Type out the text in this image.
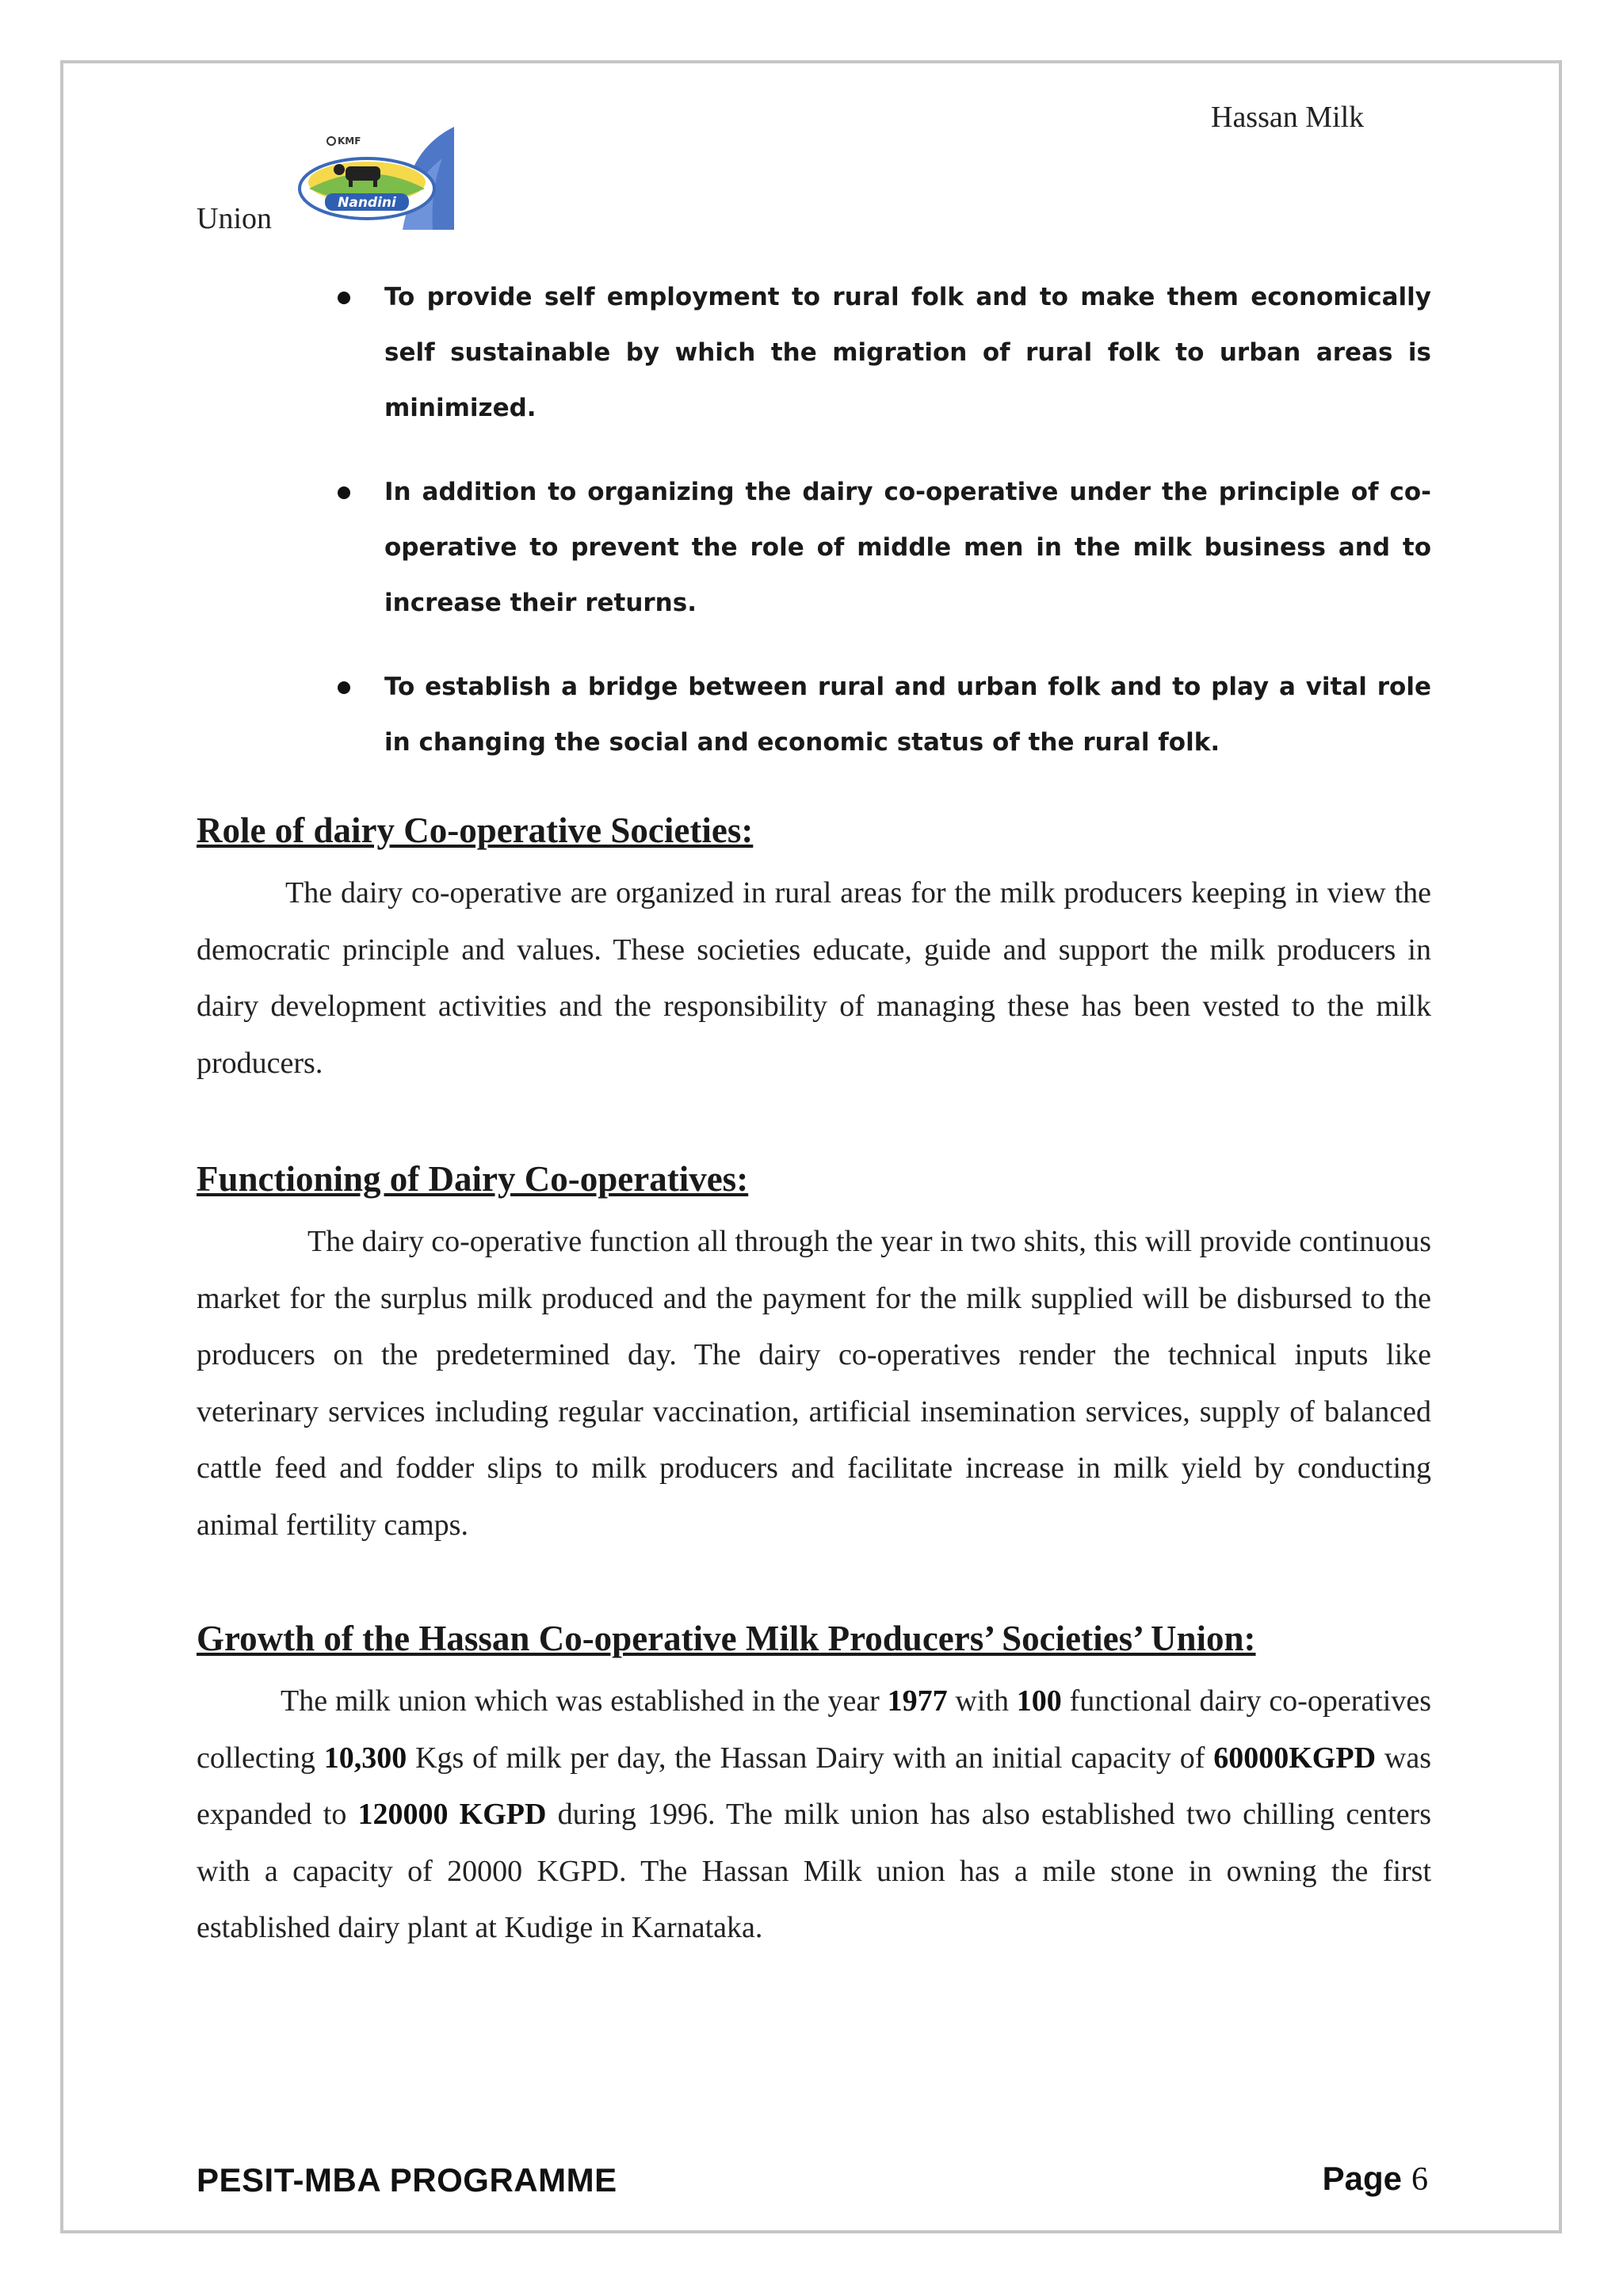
Hassan Milk
Union	Nandini
KMF
To provide self employment to rural folk and to make them economically self sustainable by which the migration of rural folk to urban areas is minimized.
In addition to organizing the dairy co-operative under the principle of co-operative to prevent the role of middle men in the milk business and to increase their returns.
To establish a bridge between rural and urban folk and to play a vital role in changing the social and economic status of the rural folk.
Role of dairy Co-operative Societies:

The dairy co-operative are organized in rural areas for the milk producers keeping in view the democratic principle and values. These societies educate, guide and support the milk producers in dairy development activities and the responsibility of managing these has been vested to the milk producers.

Functioning of Dairy Co-operatives:

The dairy co-operative function all through the year in two shits, this will provide continuous market for the surplus milk produced and the payment for the milk supplied will be disbursed to the producers on the predetermined day. The dairy co-operatives render the technical inputs like veterinary services including regular vaccination, artificial insemination services, supply of balanced cattle feed and fodder slips to milk producers and facilitate increase in milk yield by conducting animal fertility camps.

Growth of the Hassan Co-operative Milk Producers’ Societies’ Union:

The milk union which was established in the year 1977 with 100 functional dairy co-operatives collecting 10,300 Kgs of milk per day, the Hassan Dairy with an initial capacity of 60000KGPD was expanded to 120000 KGPD during 1996. The milk union has also established two chilling centers with a capacity of 20000 KGPD. The Hassan Milk union has a mile stone in owning the first established dairy plant at Kudige in Karnataka.

PESIT-MBA PROGRAMME	Page 6
